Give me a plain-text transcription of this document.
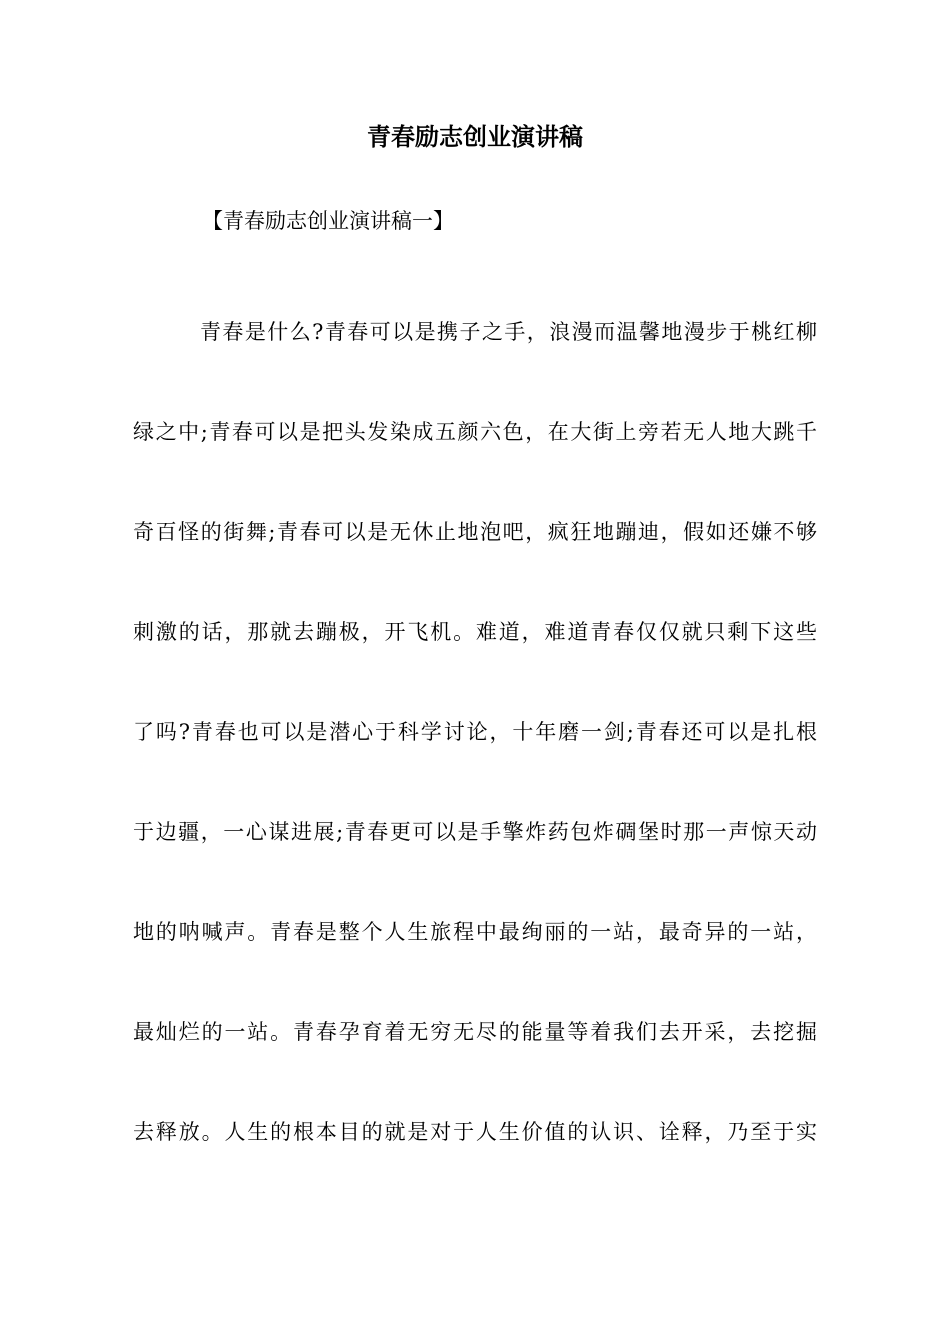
青春励志创业演讲稿
【青春励志创业演讲稿一】
青春是什么?青春可以是携子之手，浪漫而温馨地漫步于桃红柳
绿之中;青春可以是把头发染成五颜六色，在大街上旁若无人地大跳千
奇百怪的街舞;青春可以是无休止地泡吧，疯狂地蹦迪，假如还嫌不够
刺激的话，那就去蹦极，开飞机。难道，难道青春仅仅就只剩下这些
了吗?青春也可以是潜心于科学讨论，十年磨一剑;青春还可以是扎根
于边疆，一心谋进展;青春更可以是手擎炸药包炸碉堡时那一声惊天动
地的呐喊声。青春是整个人生旅程中最绚丽的一站，最奇异的一站，
最灿烂的一站。青春孕育着无穷无尽的能量等着我们去开采，去挖掘
去释放。人生的根本目的就是对于人生价值的认识、诠释，乃至于实
